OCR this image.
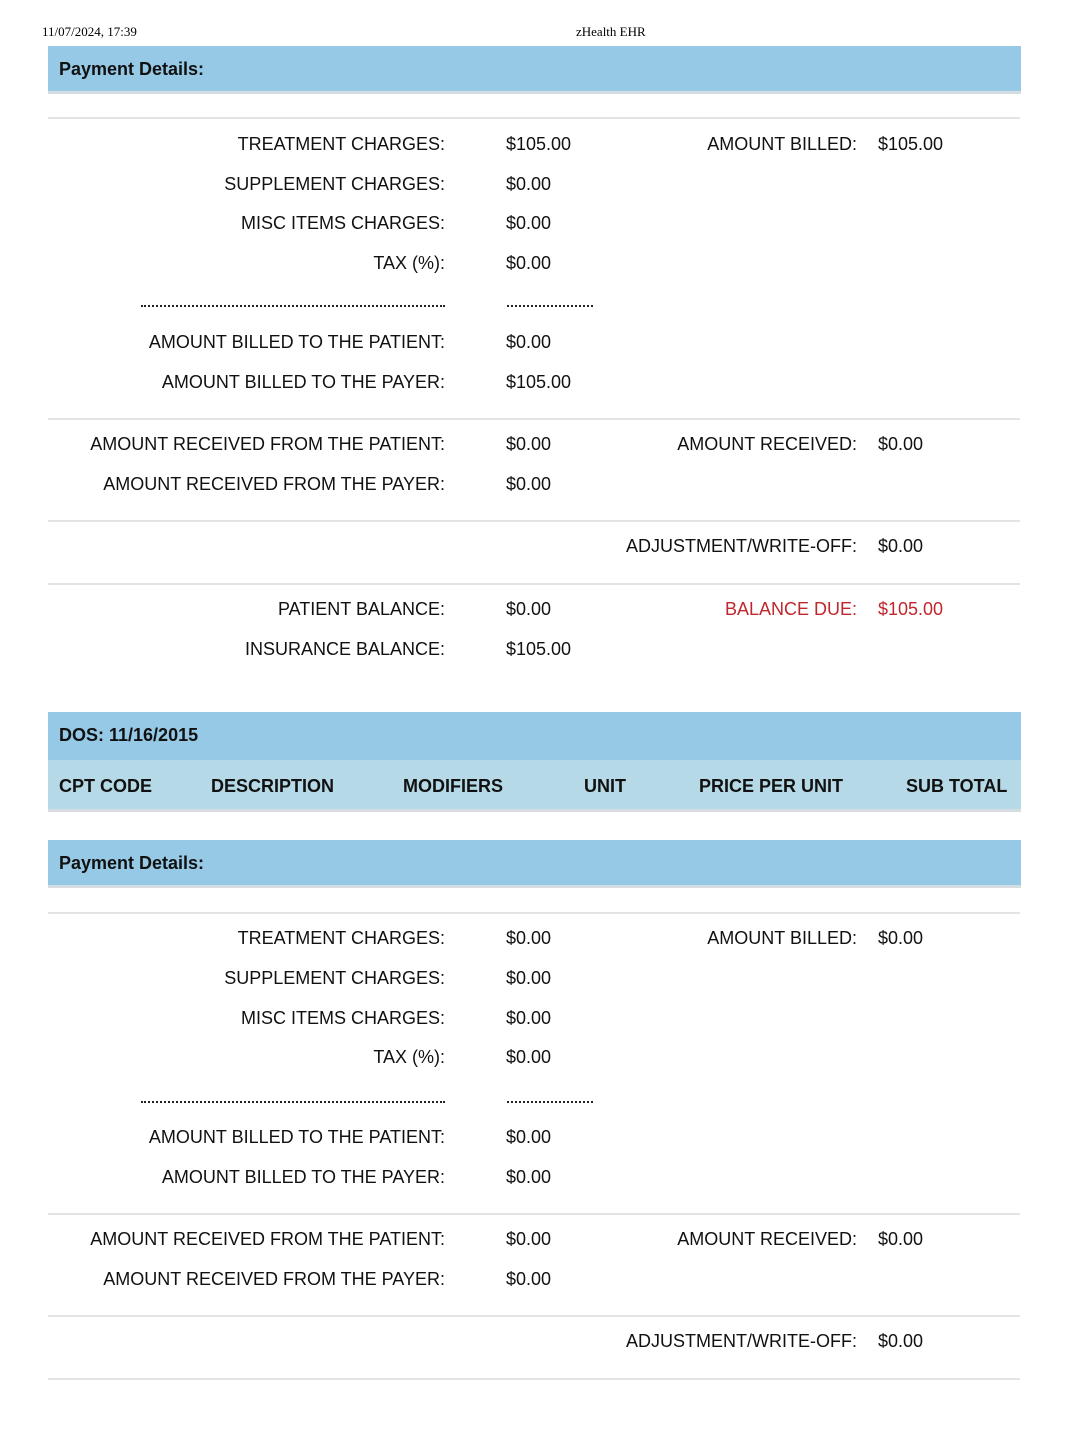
11/07/2024, 17:39	zHealth EHR
Payment Details:
TREATMENT CHARGES:	$105.00	AMOUNT BILLED: $105.00
SUPPLEMENT CHARGES:	$0.00
MISC ITEMS CHARGES:	$0.00
TAX (%):	$0.00
AMOUNT BILLED TO THE PATIENT:	$0.00
AMOUNT BILLED TO THE PAYER:	$105.00
AMOUNT RECEIVED FROM THE PATIENT:	$0.00	AMOUNT RECEIVED: $0.00
AMOUNT RECEIVED FROM THE PAYER:	$0.00
ADJUSTMENT/WRITE-OFF: $0.00
PATIENT BALANCE:	$0.00	BALANCE DUE: $105.00
INSURANCE BALANCE:	$105.00
DOS: 11/16/2015
CPT CODE	DESCRIPTION	MODIFIERS	UNIT	PRICE PER UNIT	SUB TOTAL
Payment Details:
TREATMENT CHARGES:	$0.00	AMOUNT BILLED: $0.00
SUPPLEMENT CHARGES:	$0.00
MISC ITEMS CHARGES:	$0.00
TAX (%):	$0.00
AMOUNT BILLED TO THE PATIENT:	$0.00
AMOUNT BILLED TO THE PAYER:	$0.00
AMOUNT RECEIVED FROM THE PATIENT:	$0.00	AMOUNT RECEIVED: $0.00
AMOUNT RECEIVED FROM THE PAYER:	$0.00
ADJUSTMENT/WRITE-OFF: $0.00
